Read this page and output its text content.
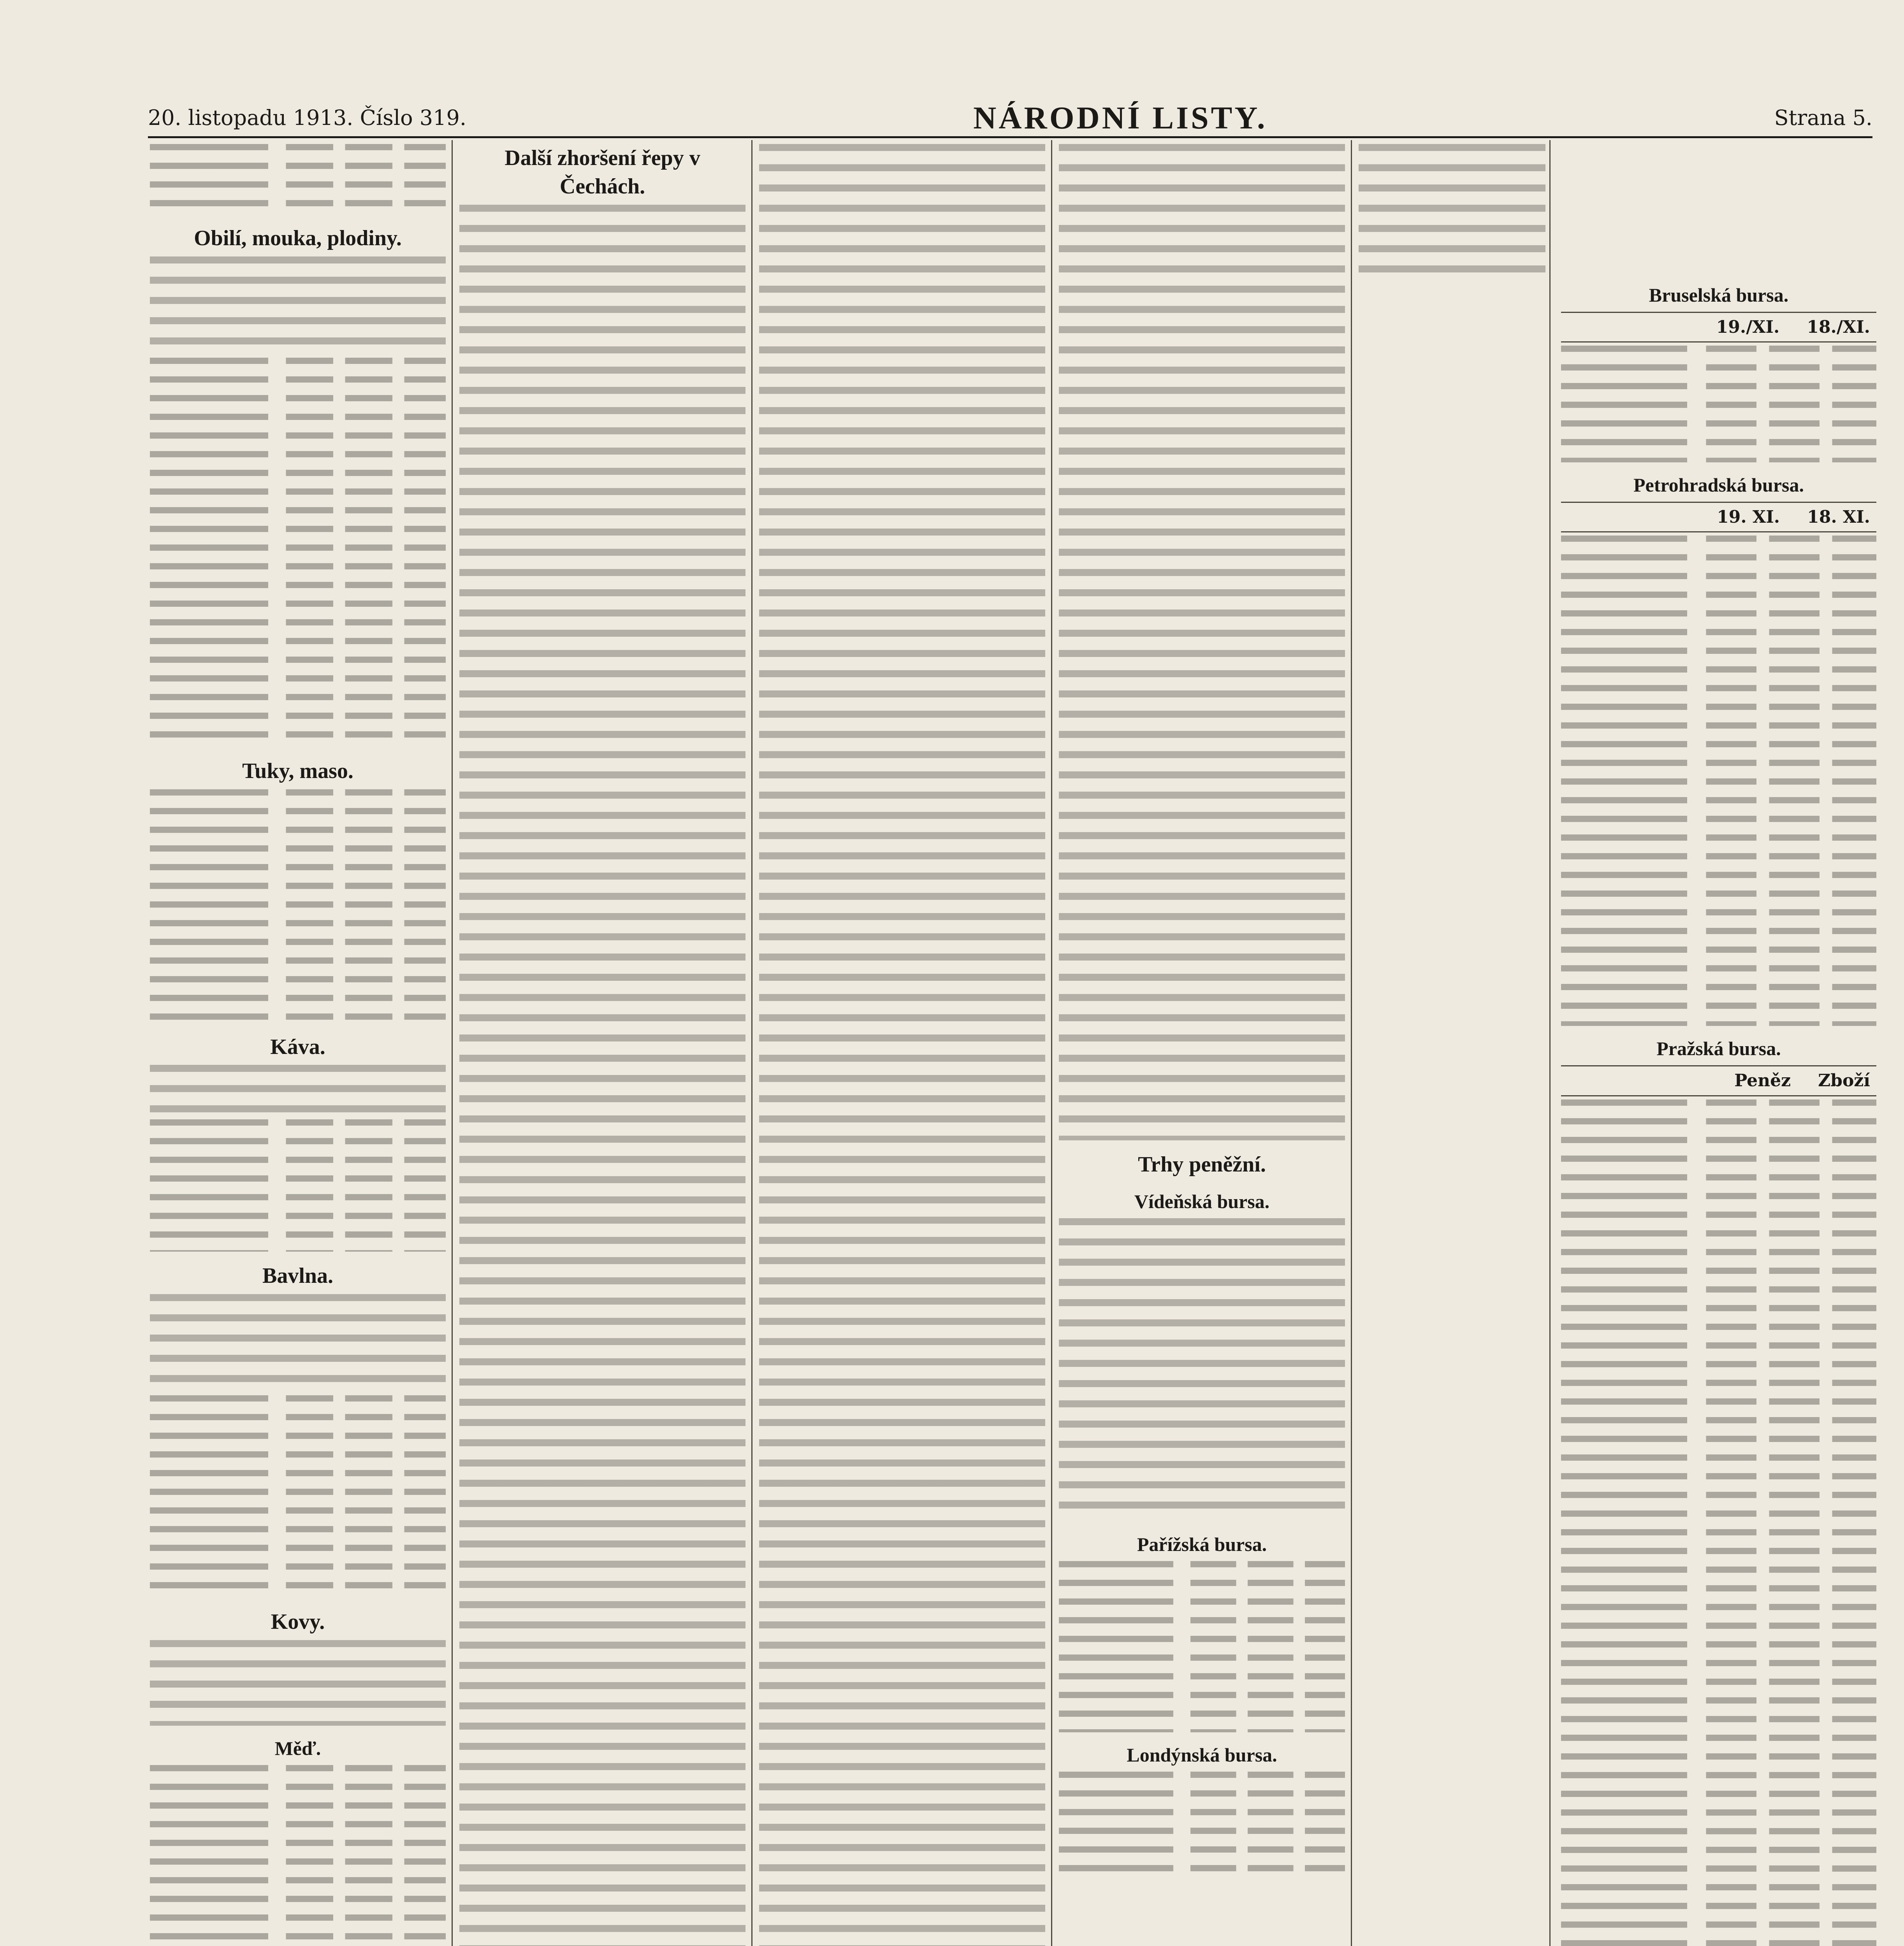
20. listopadu 1913. Číslo 319.	NÁRODNÍ LISTY.	Strana 5.
Obilí, mouka, plodiny.
Tuky, maso.
Káva.
Bavlna.
Kovy.
Měď.
Další zhoršení řepy v Čechách.
Trhy peněžní.
Vídeňská bursa.
Pařížská bursa.
Londýnská bursa.
Bruselská bursa.
19./XI. 18./XI.
Petrohradská bursa.
19. XI. 18. XI.
Pražská bursa.
Peněz Zboží
